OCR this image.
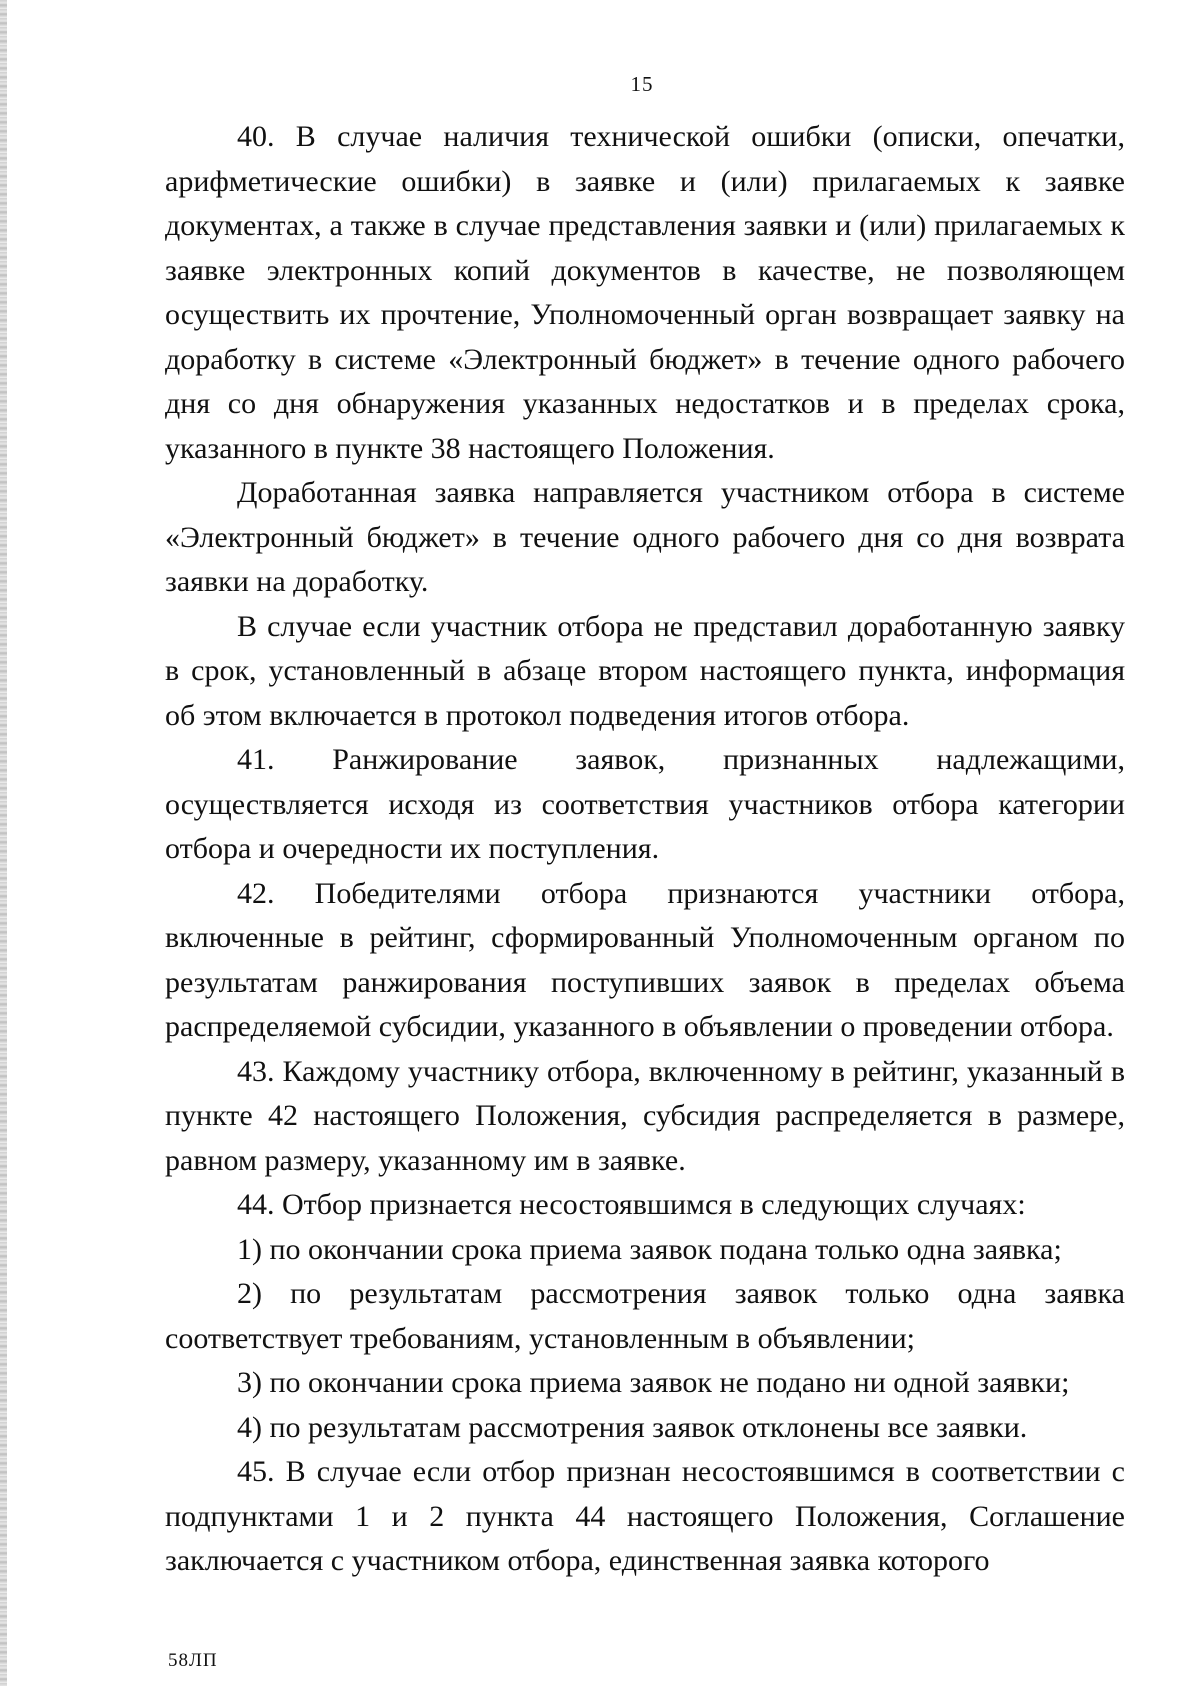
15

40. В случае наличия технической ошибки (описки, опечатки, арифметические ошибки) в заявке и (или) прилагаемых к заявке документах, а также в случае представления заявки и (или) прилагаемых к заявке электронных копий документов в качестве, не позволяющем осуществить их прочтение, Уполномоченный орган возвращает заявку на доработку в системе «Электронный бюджет» в течение одного рабочего дня со дня обнаружения указанных недостатков и в пределах срока, указанного в пункте 38 настоящего Положения.

Доработанная заявка направляется участником отбора в системе «Электронный бюджет» в течение одного рабочего дня со дня возврата заявки на доработку.

В случае если участник отбора не представил доработанную заявку в срок, установленный в абзаце втором настоящего пункта, информация об этом включается в протокол подведения итогов отбора.

41. Ранжирование заявок, признанных надлежащими, осуществляется исходя из соответствия участников отбора категории отбора и очередности их поступления.

42. Победителями отбора признаются участники отбора, включенные в рейтинг, сформированный Уполномоченным органом по результатам ранжирования поступивших заявок в пределах объема распределяемой субсидии, указанного в объявлении о проведении отбора.

43. Каждому участнику отбора, включенному в рейтинг, указанный в пункте 42 настоящего Положения, субсидия распределяется в размере, равном размеру, указанному им в заявке.

44. Отбор признается несостоявшимся в следующих случаях:

1) по окончании срока приема заявок подана только одна заявка;

2) по результатам рассмотрения заявок только одна заявка соответствует требованиям, установленным в объявлении;

3) по окончании срока приема заявок не подано ни одной заявки;

4) по результатам рассмотрения заявок отклонены все заявки.

45. В случае если отбор признан несостоявшимся в соответствии с подпунктами 1 и 2 пункта 44 настоящего Положения, Соглашение заключается с участником отбора, единственная заявка которого

58ЛП
